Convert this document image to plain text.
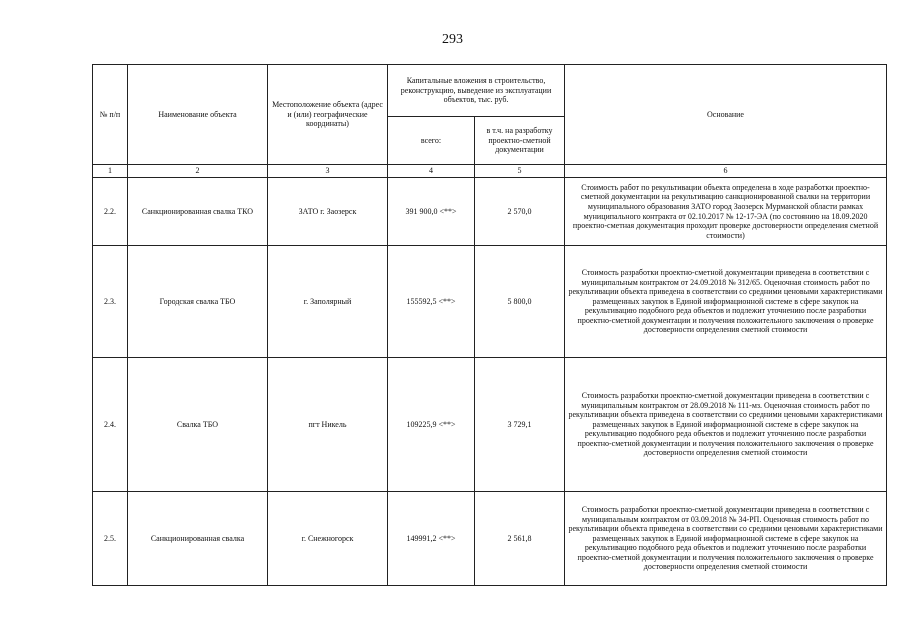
293
№ п/п	Наименование объекта	Местоположение объекта (адрес и (или) географические координаты)	Капитальные вложения в строительство, реконструкцию, выведение из эксплуатации объектов, тыс. руб.		Основание
			всего:	в т.ч. на разработку проектно-сметной документации	
1	2	3	4	5	6
2.2.	Санкционированная свалка ТКО	ЗАТО г. Заозерск	391 900,0 <**>	2 570,0	Стоимость работ по рекультивации объекта определена в ходе разработки проектно-сметной документации на рекультивацию санкционированной свалки на территории муниципального образования ЗАТО город Заозерск Мурманской области рамках муниципального контракта от 02.10.2017 № 12-17-ЭА (по состоянию на 18.09.2020 проектно-сметная документация проходит проверке достоверности определения сметной стоимости)
2.3.	Городская свалка ТБО	г. Заполярный	155592,5 <**>	5 800,0	Стоимость разработки проектно-сметной документации приведена в соответствии с муниципальным контрактом от 24.09.2018 № 312/65. Оценочная стоимость работ по рекультивации объекта приведена в соответствии со средними ценовыми характеристиками размещенных закупок в Единой информационной системе в сфере закупок на рекультивацию подобного реда объектов и подлежит уточнению после разработки проектно-сметной документации и получения положительного заключения о проверке достоверности определения сметной стоимости
2.4.	Свалка ТБО	пгт Никель	109225,9 <**>	3 729,1	Стоимость разработки проектно-сметной документации приведена в соответствии с муниципальным контрактом от 28.09.2018 № 111-мз. Оценочная стоимость работ по рекультивации объекта приведена в соответствии со средними ценовыми характеристиками размещенных закупок в Единой информационной системе в сфере закупок на рекультивацию подобного реда объектов и подлежит уточнению после разработки проектно-сметной документации и получения положительного заключения о проверке достоверности определения сметной стоимости
2.5.	Санкционированная свалка	г. Снежногорск	149991,2 <**>	2 561,8	Стоимость разработки проектно-сметной документации приведена в соответствии с муниципальным контрактом от 03.09.2018 № 34-РП. Оценочная стоимость работ по рекультивации объекта приведена в соответствии со средними ценовыми характеристиками размещенных закупок в Единой информационной системе в сфере закупок на рекультивацию подобного реда объектов и подлежит уточнению после разработки проектно-сметной документации и получения положительного заключения о проверке достоверности определения сметной стоимости
